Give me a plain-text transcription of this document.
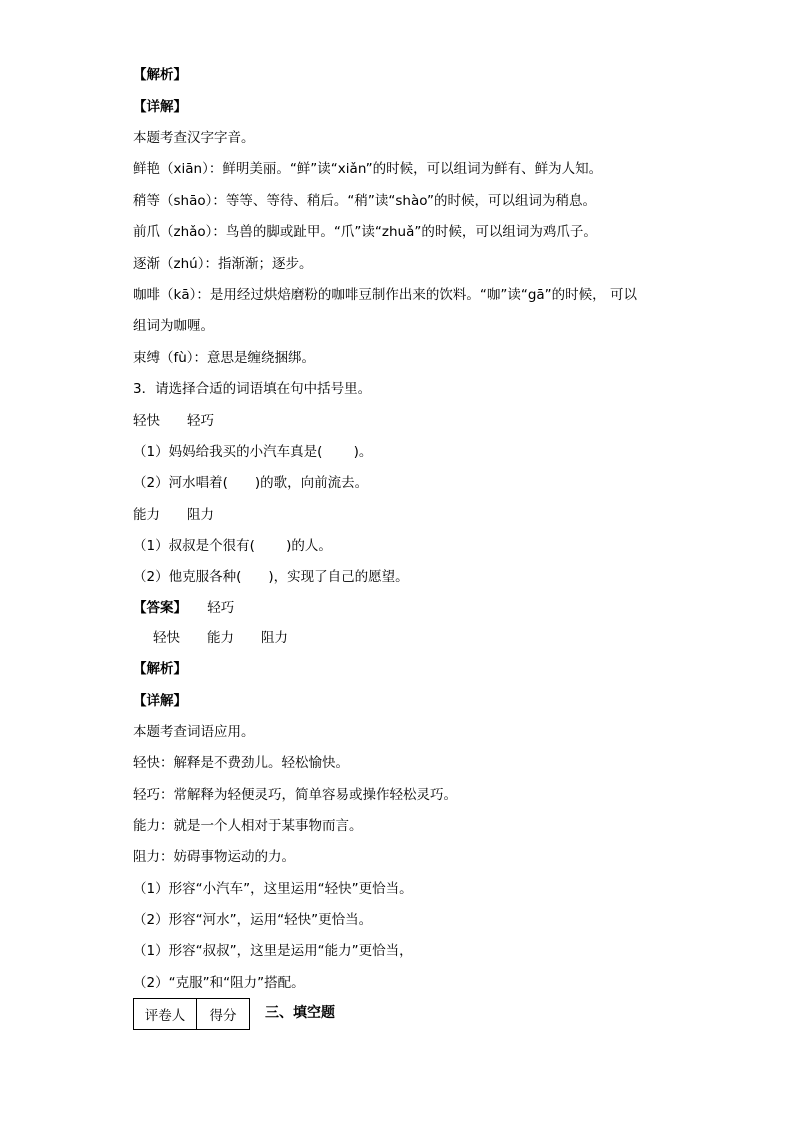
【解析】
【详解】
本题考查汉字字音。
鲜艳（xiān）：鲜明美丽。“鲜”读“xiǎn”的时候，可以组词为鲜有、鲜为人知。
稍等（shāo）：等等、等待、稍后。“稍”读“shào”的时候，可以组词为稍息。
前爪（zhǎo）：鸟兽的脚或趾甲。“爪”读“zhuǎ”的时候，可以组词为鸡爪子。
逐渐（zhú）：指渐渐；逐步。
咖啡（kā）：是用经过烘焙磨粉的咖啡豆制作出来的饮料。“咖”读“gā”的时候， 可以
组词为咖喱。
束缚（fù）：意思是缠绕捆绑。
3．请选择合适的词语填在句中括号里。
轻快　　轻巧
（1）妈妈给我买的小汽车真是(　　 )。
（2）河水唱着(　　)的歌，向前流去。
能力　　阻力
（1）叔叔是个很有(　　 )的人。
（2）他克服各种(　　)，实现了自己的愿望。
【答案】　　轻巧
轻快　　能力　　阻力
【解析】
【详解】
本题考查词语应用。
轻快：解释是不费劲儿。轻松愉快。
轻巧：常解释为轻便灵巧，简单容易或操作轻松灵巧。
能力：就是一个人相对于某事物而言。
阻力：妨碍事物运动的力。
（1）形容“小汽车”，这里运用“轻快”更恰当。
（2）形容“河水”，运用“轻快”更恰当。
（1）形容“叔叔”，这里是运用“能力”更恰当，
（2）“克服”和“阻力”搭配。
评卷人	得分 三、填空题
